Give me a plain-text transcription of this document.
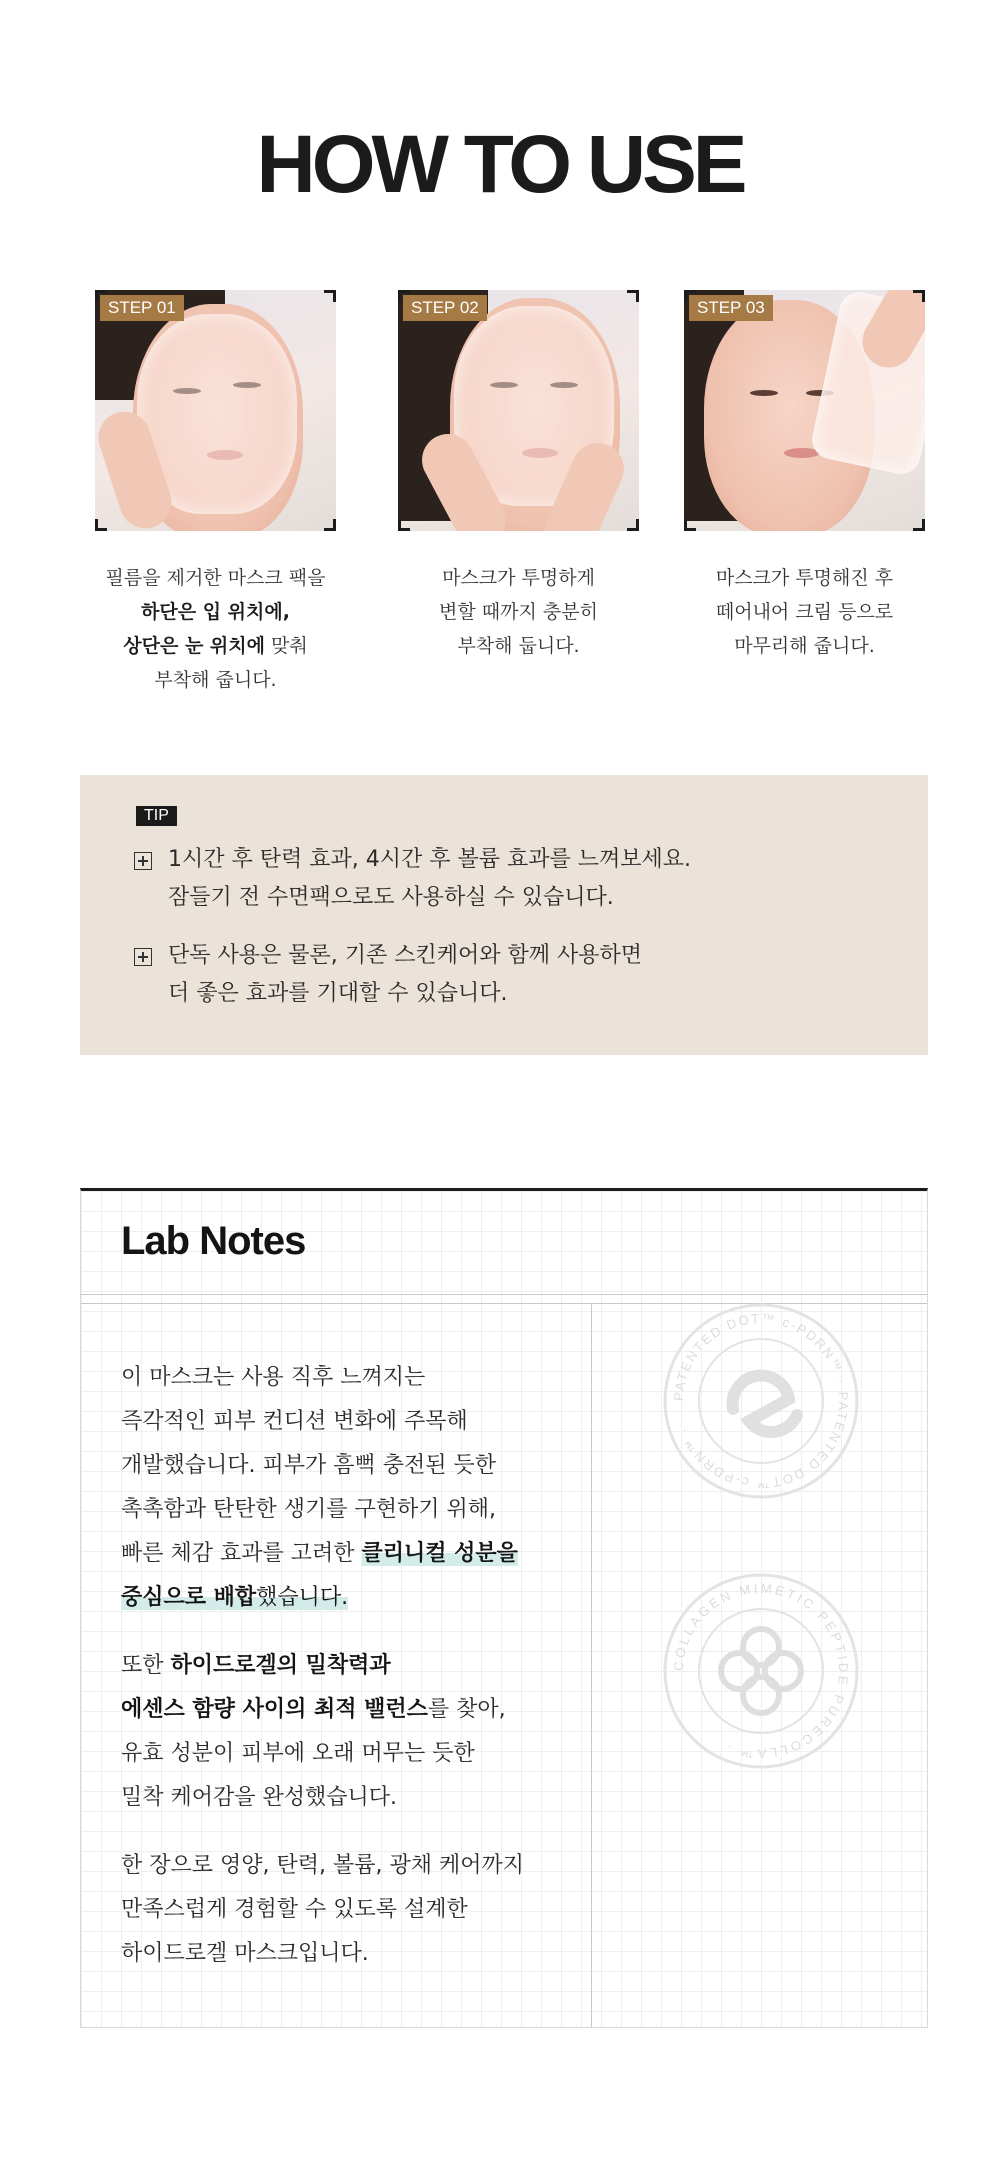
HOW TO USE
STEP 01
필름을 제거한 마스크 팩을
하단은 입 위치에,
상단은 눈 위치에 맞춰
부착해 줍니다.
STEP 02
마스크가 투명하게
변할 때까지 충분히
부착해 둡니다.
STEP 03
마스크가 투명해진 후
떼어내어 크림 등으로
마무리해 줍니다.
TIP
1시간 후 탄력 효과, 4시간 후 볼륨 효과를 느껴보세요.
잠들기 전 수면팩으로도 사용하실 수 있습니다.
단독 사용은 물론, 기존 스킨케어와 함께 사용하면
더 좋은 효과를 기대할 수 있습니다.
Lab Notes

이 마스크는 사용 직후 느껴지는
즉각적인 피부 컨디션 변화에 주목해
개발했습니다. 피부가 흠뻑 충전된 듯한
촉촉함과 탄탄한 생기를 구현하기 위해,
빠른 체감 효과를 고려한 클리니컬 성분을
중심으로 배합했습니다.

또한 하이드로겔의 밀착력과
에센스 함량 사이의 최적 밸런스를 찾아,
유효 성분이 피부에 오래 머무는 듯한
밀착 케어감을 완성했습니다.

한 장으로 영양, 탄력, 볼륨, 광채 케어까지
만족스럽게 경험할 수 있도록 설계한
하이드로겔 마스크입니다.

PATENTED DOT™ c-PDRN™ · PATENTED DOT™ c-PDRN™ ·
COLLAGEN MIMETIC PEPTIDE PURECOLLA™ ·
